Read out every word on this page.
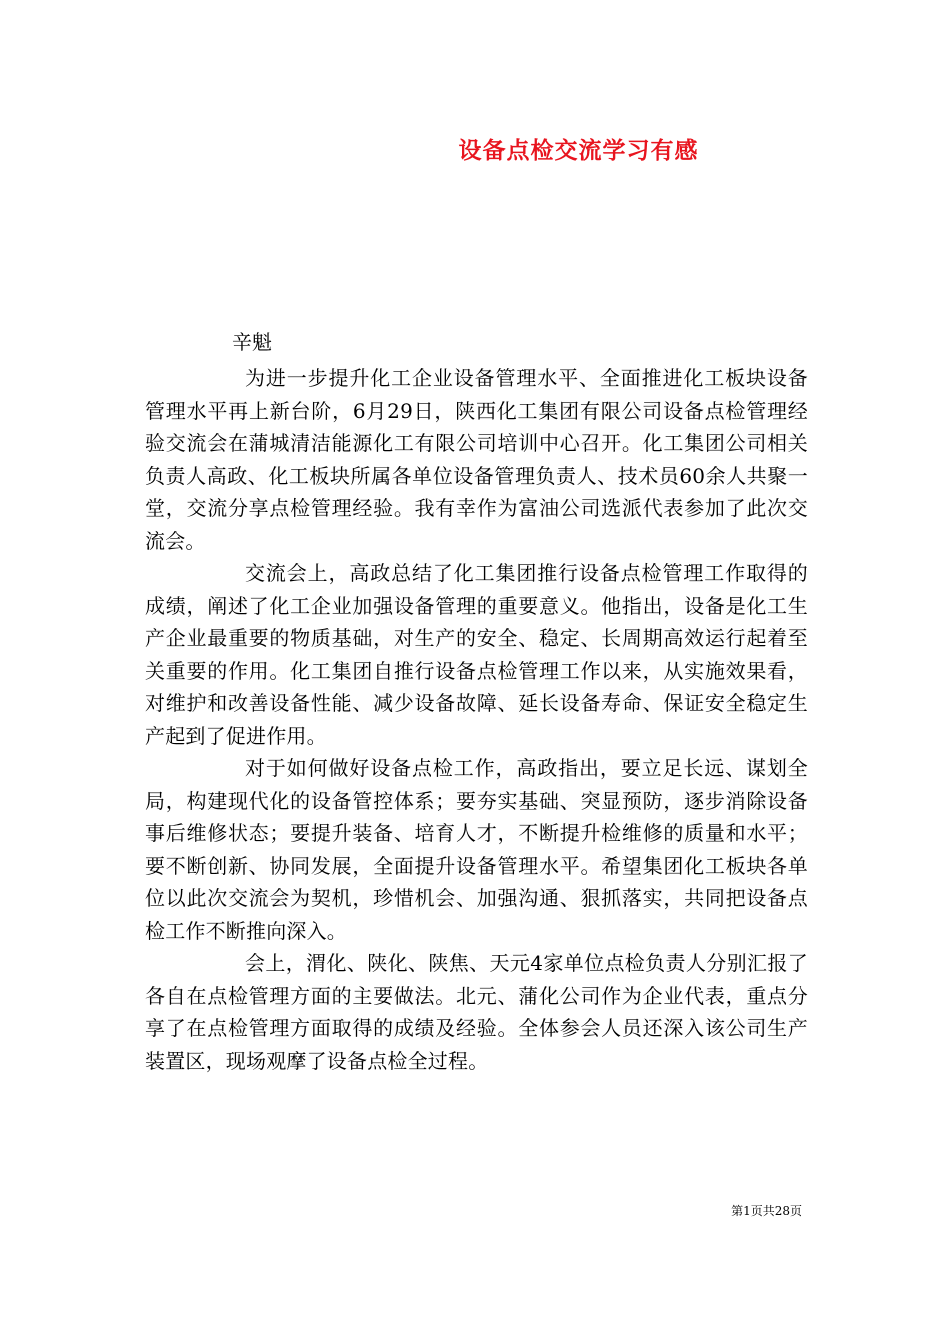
设备点检交流学习有感
辛魁

为进一步提升化工企业设备管理水平、全面推进化工板块设备管理水平再上新台阶，6月29日，陕西化工集团有限公司设备点检管理经验交流会在蒲城清洁能源化工有限公司培训中心召开。化工集团公司相关负责人高政、化工板块所属各单位设备管理负责人、技术员60余人共聚一堂，交流分享点检管理经验。我有幸作为富油公司选派代表参加了此次交流会。

交流会上，高政总结了化工集团推行设备点检管理工作取得的成绩，阐述了化工企业加强设备管理的重要意义。他指出，设备是化工生产企业最重要的物质基础，对生产的安全、稳定、长周期高效运行起着至关重要的作用。化工集团自推行设备点检管理工作以来，从实施效果看，对维护和改善设备性能、减少设备故障、延长设备寿命、保证安全稳定生产起到了促进作用。

对于如何做好设备点检工作，高政指出，要立足长远、谋划全局，构建现代化的设备管控体系；要夯实基础、突显预防，逐步消除设备事后维修状态；要提升装备、培育人才，不断提升检维修的质量和水平；要不断创新、协同发展，全面提升设备管理水平。希望集团化工板块各单位以此次交流会为契机，珍惜机会、加强沟通、狠抓落实，共同把设备点检工作不断推向深入。

会上，渭化、陕化、陕焦、天元4家单位点检负责人分别汇报了各自在点检管理方面的主要做法。北元、蒲化公司作为企业代表，重点分享了在点检管理方面取得的成绩及经验。全体参会人员还深入该公司生产装置区，现场观摩了设备点检全过程。

第1页共28页
